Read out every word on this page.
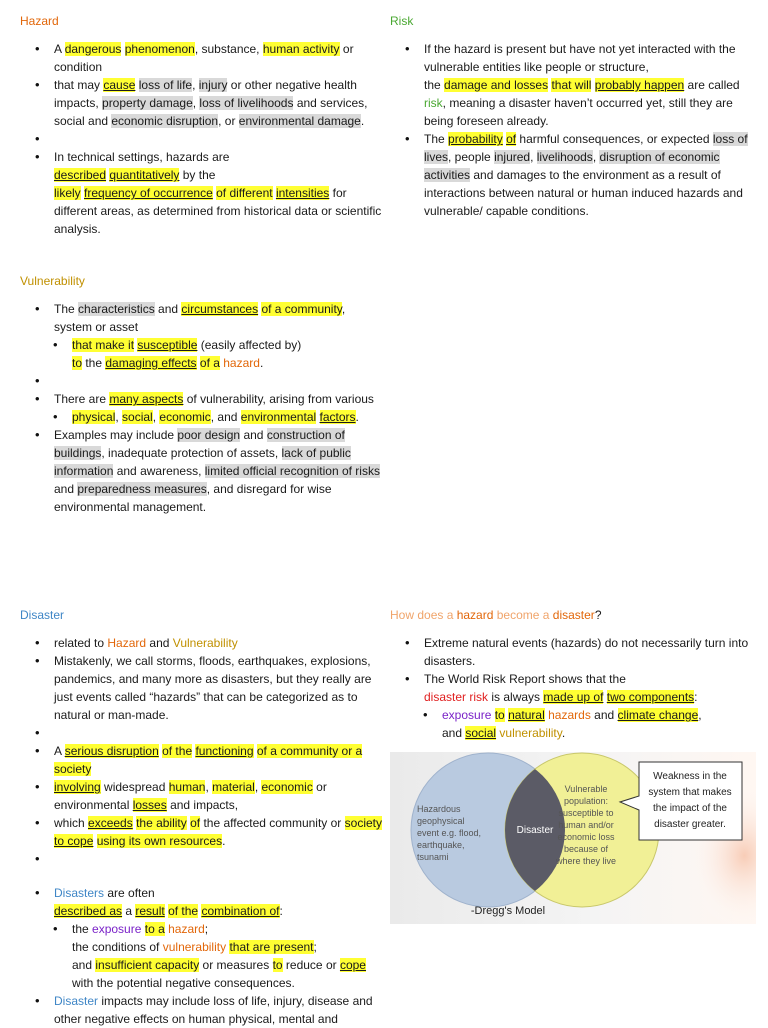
Hazard
• A dangerous phenomenon, substance, human activity or condition
• that may cause loss of life, injury or other negative health impacts, property damage, loss of livelihoods and services, social and economic disruption, or environmental damage.
•
• In technical settings, hazards are
described quantitatively by the
likely frequency of occurrence of different intensities for different areas, as determined from historical data or scientific analysis.
Vulnerability
• The characteristics and circumstances of a community, system or asset
• that make it susceptible (easily affected by)
to the damaging effects of a hazard.
•
• There are many aspects of vulnerability, arising from various
• physical, social, economic, and environmental factors.
• Examples may include poor design and construction of buildings, inadequate protection of assets, lack of public information and awareness, limited official recognition of risks and preparedness measures, and disregard for wise environmental management.
Risk
• If the hazard is present but have not yet interacted with the vulnerable entities like people or structure,
the damage and losses that will probably happen are called risk, meaning a disaster haven’t occurred yet, still they are being foreseen already.
• The probability of harmful consequences, or expected loss of lives, people injured, livelihoods, disruption of economic activities and damages to the environment as a result of interactions between natural or human induced hazards and vulnerable/ capable conditions.
Disaster
• related to Hazard and Vulnerability
• Mistakenly, we call storms, floods, earthquakes, explosions, pandemics, and many more as disasters, but they really are just events called “hazards” that can be categorized as to natural or man-made.
•
• A serious disruption of the functioning of a community or a society
• involving widespread human, material, economic or environmental losses and impacts,
• which exceeds the ability of the affected community or society to cope using its own resources.
•
• Disasters are often
described as a result of the combination of:
• the exposure to a hazard;
the conditions of vulnerability that are present;
and insufficient capacity or measures to reduce or cope
with the potential negative consequences.
• Disaster impacts may include loss of life, injury, disease and other negative effects on human physical, mental and
How does a hazard become a disaster?
• Extreme natural events (hazards) do not necessarily turn into disasters.
• The World Risk Report shows that the
disaster risk is always made up of two components:
• exposure to natural hazards and climate change,
and social vulnerability.
Hazardous
geophysical
event e.g. flood,
earthquake,
tsunami
Disaster
Vulnerable
population:
susceptible to
human and/or
economic loss
because of
where they live
-Dregg's Model
Weakness in the
system that makes
the impact of the
disaster greater.
